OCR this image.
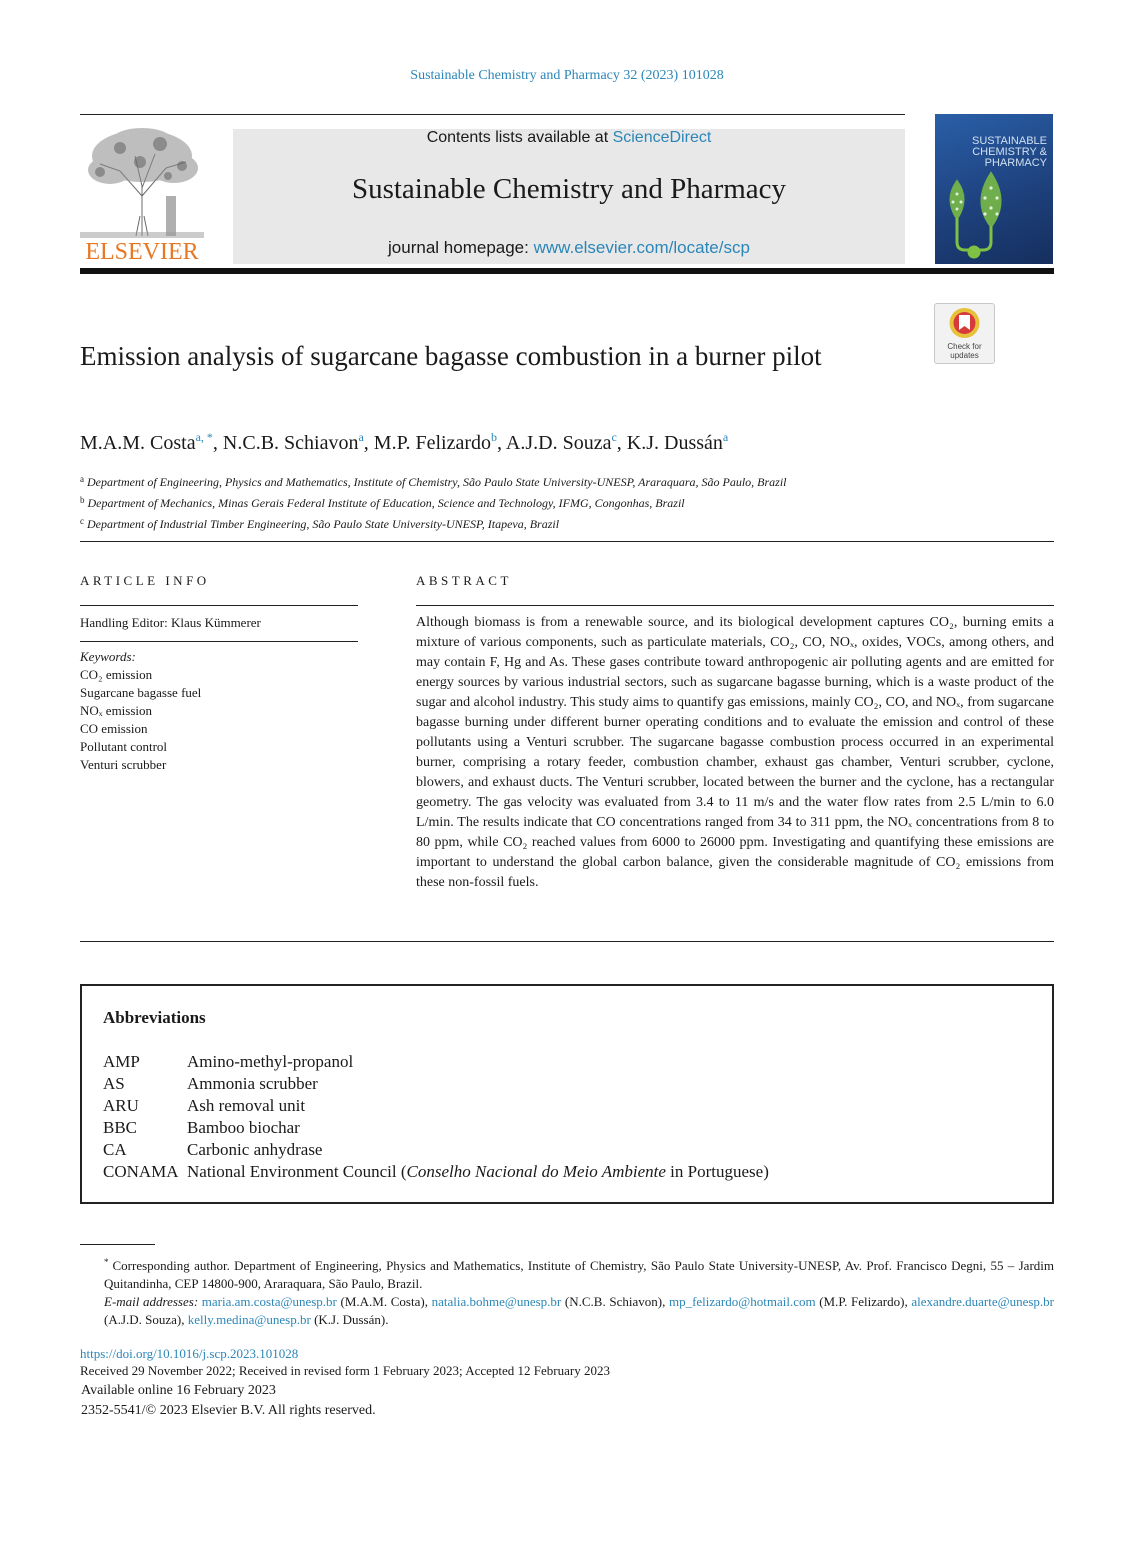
Sustainable Chemistry and Pharmacy 32 (2023) 101028
ELSEVIER
Contents lists available at ScienceDirect
Sustainable Chemistry and Pharmacy
journal homepage: www.elsevier.com/locate/scp
SUSTAINABLE
CHEMISTRY &
PHARMACY
Check for updates
Emission analysis of sugarcane bagasse combustion in a burner pilot
M.A.M. Costa$^{a, *}$, N.C.B. Schiavon$^a$, M.P. Felizardo$^b$, A.J.D. Souza$^c$, K.J. Dussán$^a$
$^a$ Department of Engineering, Physics and Mathematics, Institute of Chemistry, São Paulo State University-UNESP, Araraquara, São Paulo, Brazil
$^b$ Department of Mechanics, Minas Gerais Federal Institute of Education, Science and Technology, IFMG, Congonhas, Brazil
$^c$ Department of Industrial Timber Engineering, São Paulo State University-UNESP, Itapeva, Brazil
ARTICLE INFO	ABSTRACT
Handling Editor: Klaus Kümmerer
Keywords:
CO₂ emission
Sugarcane bagasse fuel
NOₓ emission
CO emission
Pollutant control
Venturi scrubber
Although biomass is from a renewable source, and its biological development captures CO₂, burning emits a mixture of various components, such as particulate materials, CO₂, CO, NOₓ, oxides, VOCs, among others, and may contain F, Hg and As. These gases contribute toward anthropogenic air polluting agents and are emitted for energy sources by various industrial sectors, such as sugarcane bagasse burning, which is a waste product of the sugar and alcohol industry. This study aims to quantify gas emissions, mainly CO₂, CO, and NOₓ, from sugarcane bagasse burning under different burner operating conditions and to evaluate the emission and control of these pollutants using a Venturi scrubber. The sugarcane bagasse combustion process occurred in an experimental burner, comprising a rotary feeder, combustion chamber, exhaust gas chamber, Venturi scrubber, cyclone, blowers, and exhaust ducts. The Venturi scrubber, located between the burner and the cyclone, has a rectangular geometry. The gas velocity was evaluated from 3.4 to 11 m/s and the water flow rates from 2.5 L/min to 6.0 L/min. The results indicate that CO concentrations ranged from 34 to 311 ppm, the NOₓ concentrations from 8 to 80 ppm, while CO₂ reached values from 6000 to 26000 ppm. Investigating and quantifying these emissions are important to understand the global carbon balance, given the considerable magnitude of CO₂ emissions from these non-fossil fuels.
Abbreviations
AMP	Amino-methyl-propanol
AS	Ammonia scrubber
ARU	Ash removal unit
BBC	Bamboo biochar
CA	Carbonic anhydrase
CONAMA	National Environment Council (Conselho Nacional do Meio Ambiente in Portuguese)
* Corresponding author. Department of Engineering, Physics and Mathematics, Institute of Chemistry, São Paulo State University-UNESP, Av. Prof. Francisco Degni, 55 – Jardim Quitandinha, CEP 14800-900, Araraquara, São Paulo, Brazil.
E-mail addresses: maria.am.costa@unesp.br (M.A.M. Costa), natalia.bohme@unesp.br (N.C.B. Schiavon), mp_felizardo@hotmail.com (M.P. Felizardo), alexandre.duarte@unesp.br (A.J.D. Souza), kelly.medina@unesp.br (K.J. Dussán).
https://doi.org/10.1016/j.scp.2023.101028
Received 29 November 2022; Received in revised form 1 February 2023; Accepted 12 February 2023
Available online 16 February 2023
2352-5541/© 2023 Elsevier B.V. All rights reserved.
